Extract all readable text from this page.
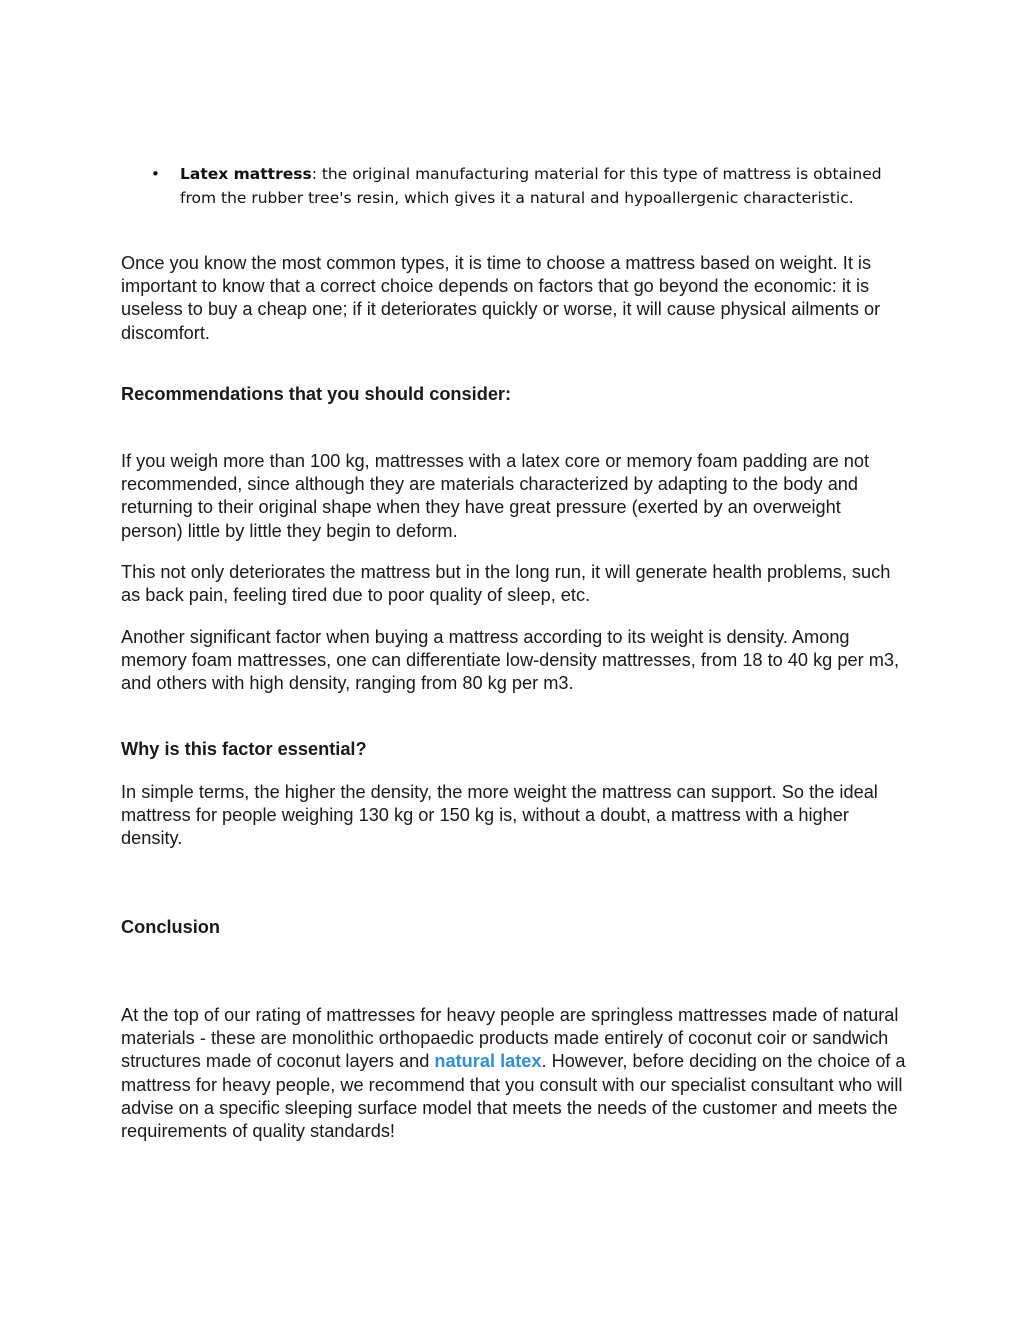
•	Latex mattress: the original manufacturing material for this type of mattress is obtained from the rubber tree's resin, which gives it a natural and hypoallergenic characteristic.

Once you know the most common types, it is time to choose a mattress based on weight. It is important to know that a correct choice depends on factors that go beyond the economic: it is useless to buy a cheap one; if it deteriorates quickly or worse, it will cause physical ailments or discomfort.

Recommendations that you should consider:

If you weigh more than 100 kg, mattresses with a latex core or memory foam padding are not recommended, since although they are materials characterized by adapting to the body and returning to their original shape when they have great pressure (exerted by an overweight person) little by little they begin to deform.

This not only deteriorates the mattress but in the long run, it will generate health problems, such as back pain, feeling tired due to poor quality of sleep, etc.

Another significant factor when buying a mattress according to its weight is density. Among memory foam mattresses, one can differentiate low-density mattresses, from 18 to 40 kg per m3, and others with high density, ranging from 80 kg per m3.

Why is this factor essential?

In simple terms, the higher the density, the more weight the mattress can support. So the ideal mattress for people weighing 130 kg or 150 kg is, without a doubt, a mattress with a higher density.

Conclusion

At the top of our rating of mattresses for heavy people are springless mattresses made of natural materials - these are monolithic orthopaedic products made entirely of coconut coir or sandwich structures made of coconut layers and natural latex. However, before deciding on the choice of a mattress for heavy people, we recommend that you consult with our specialist consultant who will advise on a specific sleeping surface model that meets the needs of the customer and meets the requirements of quality standards!
